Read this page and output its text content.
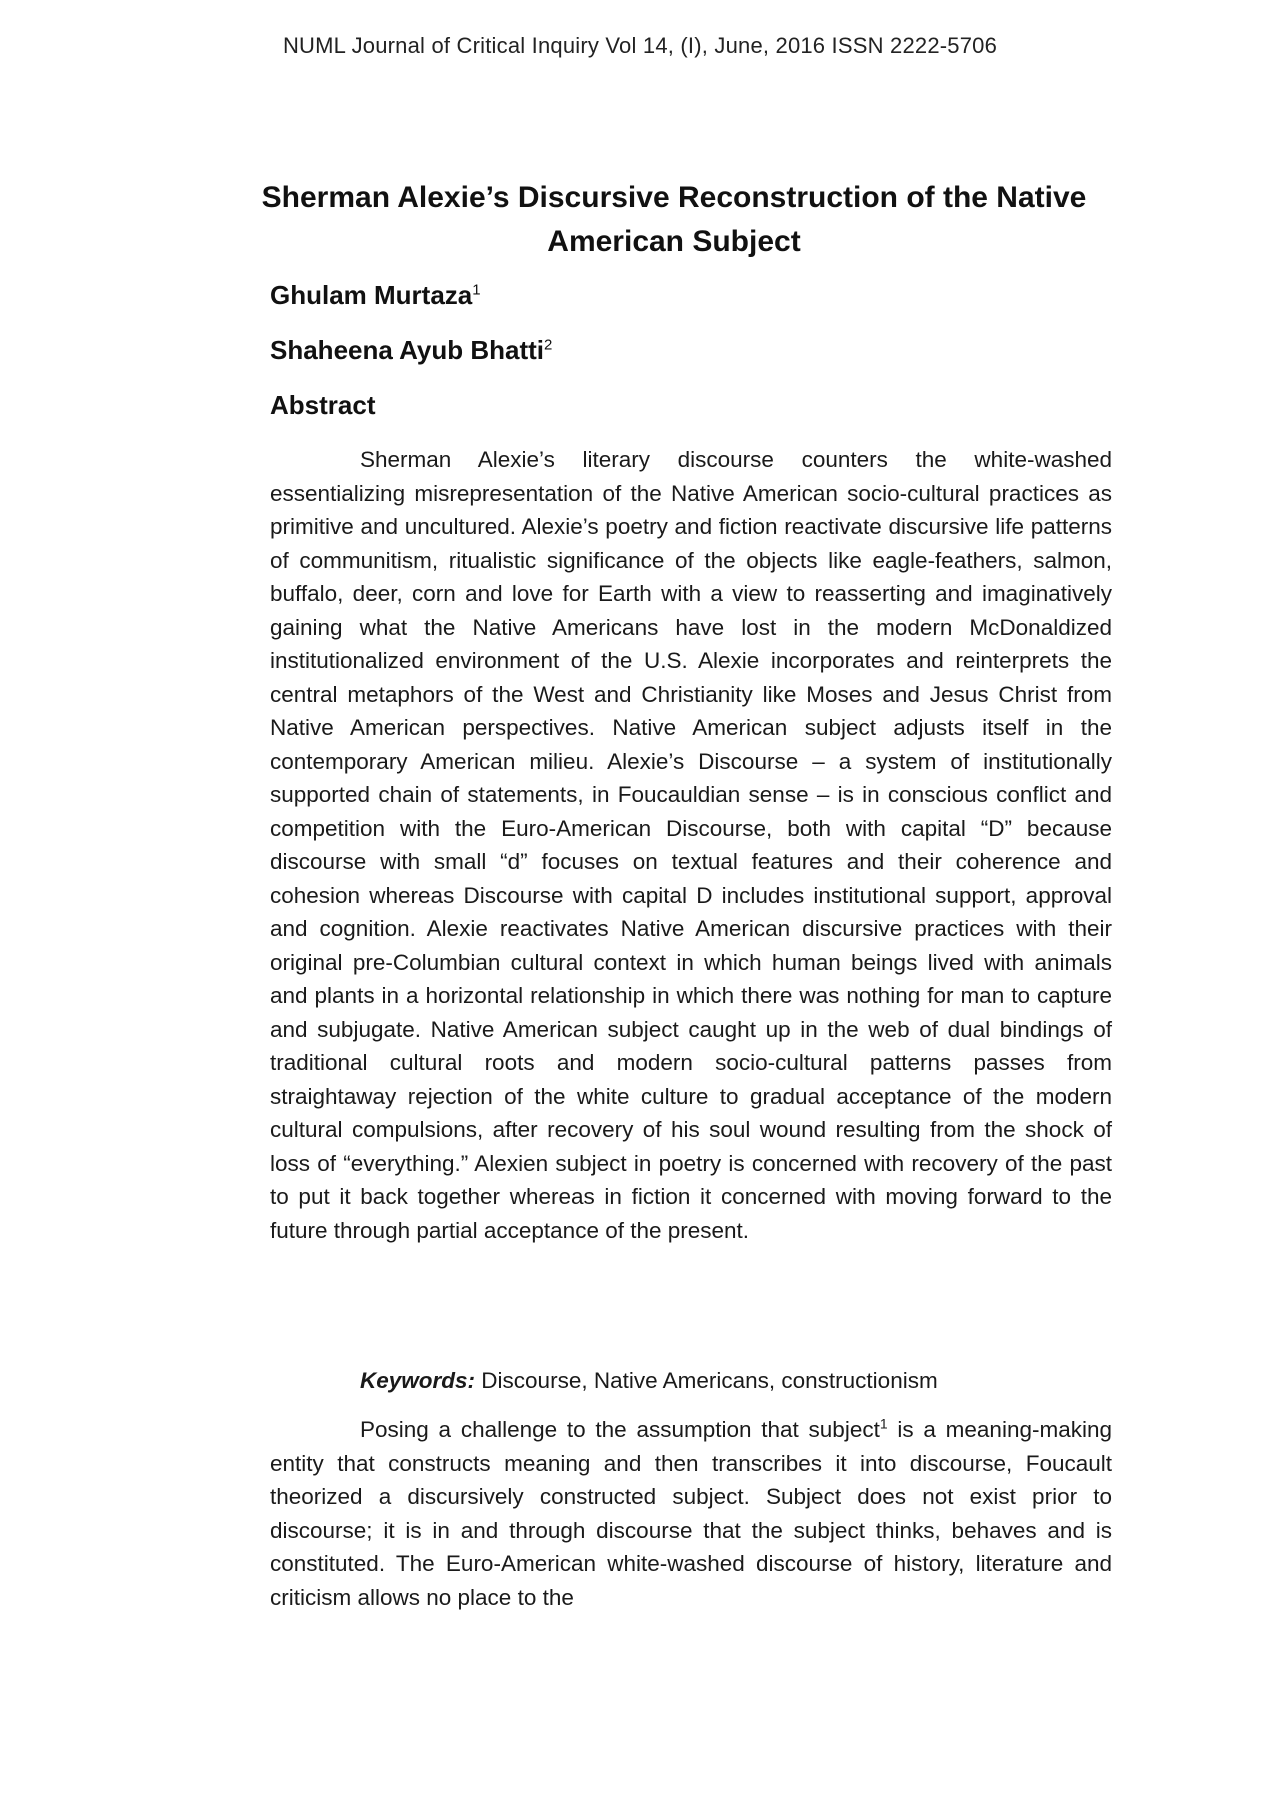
NUML Journal of Critical Inquiry Vol 14, (I), June, 2016 ISSN 2222-5706
Sherman Alexie’s Discursive Reconstruction of the Native American Subject
Ghulam Murtaza$^1$
Shaheena Ayub Bhatti$^2$
Abstract

Sherman Alexie’s literary discourse counters the white-washed essentializing misrepresentation of the Native American socio-cultural practices as primitive and uncultured. Alexie’s poetry and fiction reactivate discursive life patterns of communitism, ritualistic significance of the objects like eagle-feathers, salmon, buffalo, deer, corn and love for Earth with a view to reasserting and imaginatively gaining what the Native Americans have lost in the modern McDonaldized institutionalized environment of the U.S. Alexie incorporates and reinterprets the central metaphors of the West and Christianity like Moses and Jesus Christ from Native American perspectives. Native American subject adjusts itself in the contemporary American milieu. Alexie’s Discourse – a system of institutionally supported chain of statements, in Foucauldian sense – is in conscious conflict and competition with the Euro-American Discourse, both with capital “D” because discourse with small “d” focuses on textual features and their coherence and cohesion whereas Discourse with capital D includes institutional support, approval and cognition. Alexie reactivates Native American discursive practices with their original pre-Columbian cultural context in which human beings lived with animals and plants in a horizontal relationship in which there was nothing for man to capture and subjugate. Native American subject caught up in the web of dual bindings of traditional cultural roots and modern socio-cultural patterns passes from straightaway rejection of the white culture to gradual acceptance of the modern cultural compulsions, after recovery of his soul wound resulting from the shock of loss of “everything.” Alexien subject in poetry is concerned with recovery of the past to put it back together whereas in fiction it concerned with moving forward to the future through partial acceptance of the present.

Keywords: Discourse, Native Americans, constructionism

Posing a challenge to the assumption that subject$^1$ is a meaning-making entity that constructs meaning and then transcribes it into discourse, Foucault theorized a discursively constructed subject. Subject does not exist prior to discourse; it is in and through discourse that the subject thinks, behaves and is constituted. The Euro-American white-washed discourse of history, literature and criticism allows no place to the
